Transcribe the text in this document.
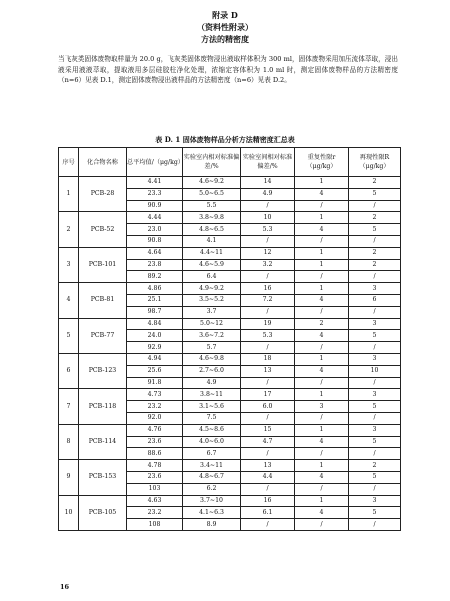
附录 D
（资料性附录）
方法的精密度
当飞灰类固体废物取样量为 20.0 g，飞灰类固体废物浸出液取样体积为 300 ml，固体废物采用加压流体萃取，浸出液采用液液萃取，提取液用多层硅胶柱净化处理，浓缩定容体积为 1.0 ml 时，测定固体废物样品的方法精密度（n=6）见表 D.1，测定固体废物浸出液样品的方法精密度（n=6）见表 D.2。
表 D. 1 固体废物样品分析方法精密度汇总表
序号	化合物名称	总平均值/（μg/kg）	实验室内相对标准偏差/%	实验室间相对标准偏差/%	重复性限r（μg/kg）	再现性限R（μg/kg）
1	PCB-28	4.41	4.6~9.2	14	1	2
		23.3	5.0~6.5	4.9	4	5
		90.9	5.5	/	/	/
2	PCB-52	4.44	3.8~9.8	10	1	2
		23.0	4.8~6.5	5.3	4	5
		90.8	4.1	/	/	/
3	PCB-101	4.64	4.4~11	12	1	2
		23.8	4.6~5.9	3.2	1	2
		89.2	6.4	/	/	/
4	PCB-81	4.86	4.9~9.2	16	1	3
		25.1	3.5~5.2	7.2	4	6
		98.7	3.7	/	/	/
5	PCB-77	4.84	5.0~12	19	2	3
		24.0	3.6~7.2	5.3	4	5
		92.9	5.7	/	/	/
6	PCB-123	4.94	4.6~9.8	18	1	3
		25.6	2.7~6.0	13	4	10
		91.8	4.9	/	/	/
7	PCB-118	4.73	3.8~11	17	1	3
		23.2	3.1~5.6	6.0	3	5
		92.0	7.5	/	/	/
8	PCB-114	4.76	4.5~8.6	15	1	3
		23.6	4.0~6.0	4.7	4	5
		88.6	6.7	/	/	/
9	PCB-153	4.78	3.4~11	13	1	2
		23.6	4.8~6.7	4.4	4	5
		103	6.2	/	/	/
10	PCB-105	4.63	3.7~10	16	1	3
		23.2	4.1~6.3	6.1	4	5
		108	8.9	/	/	/
16
